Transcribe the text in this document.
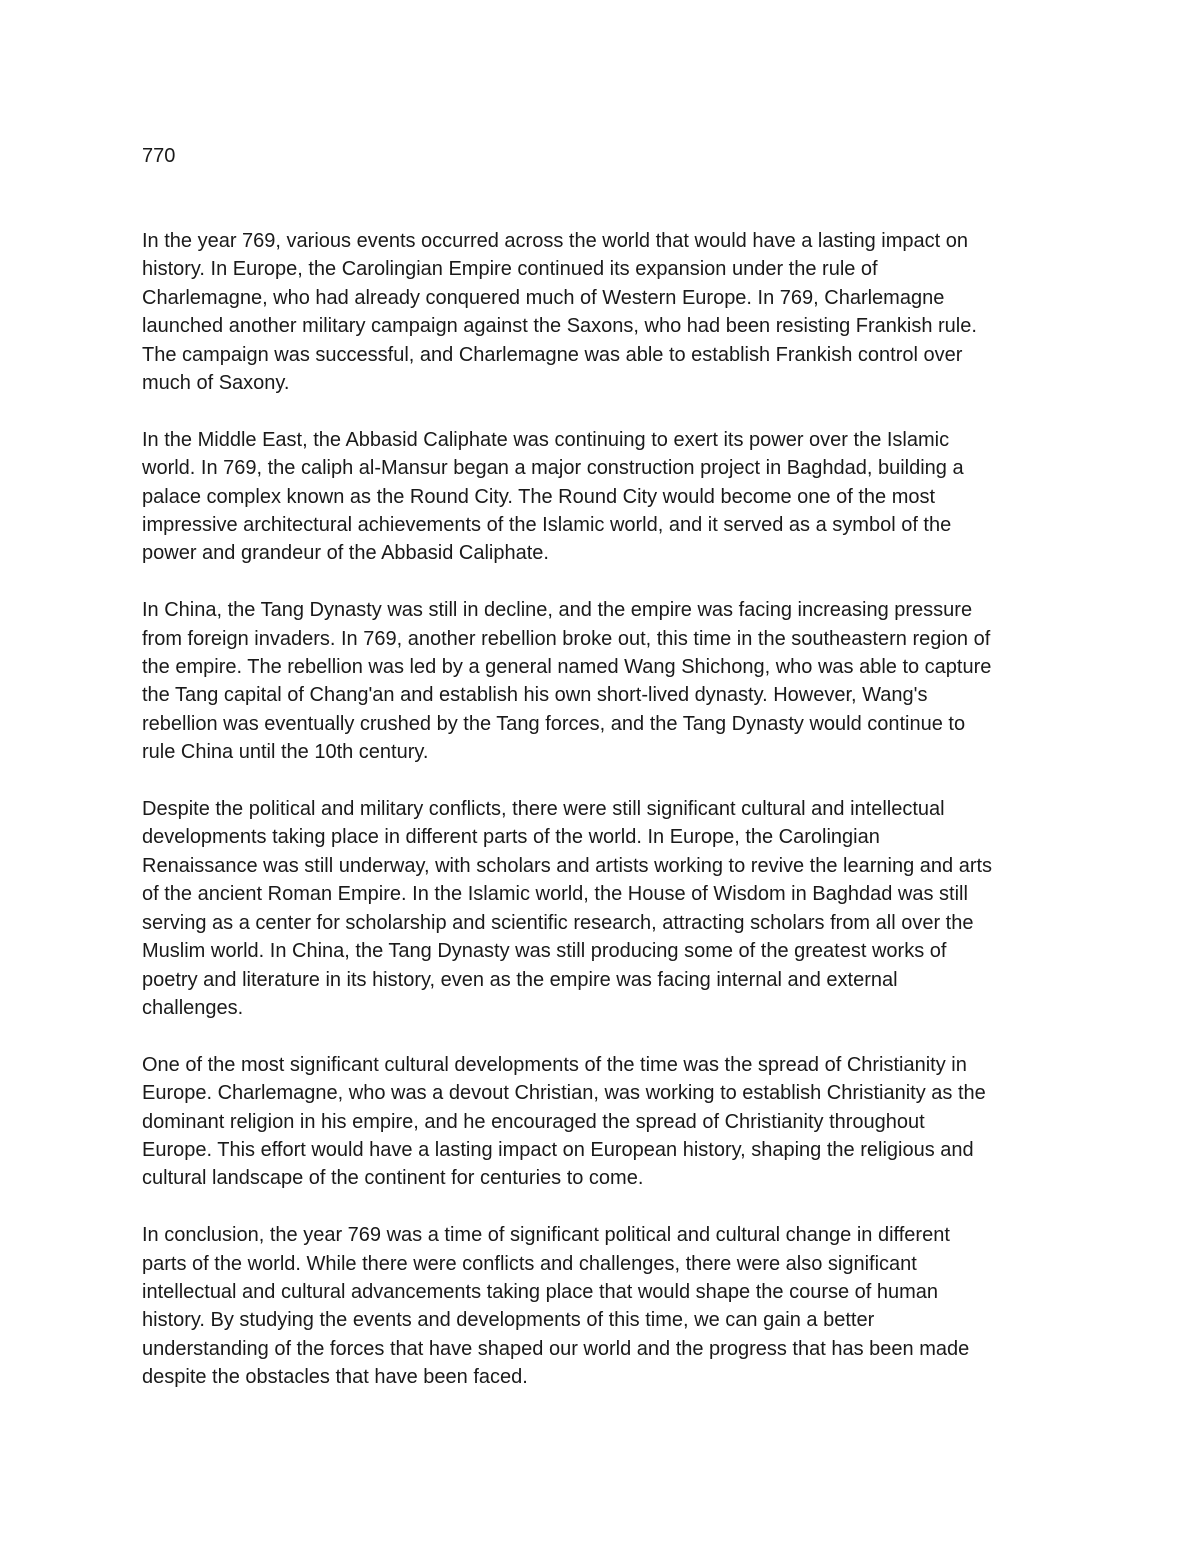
770

In the year 769, various events occurred across the world that would have a lasting impact on
history. In Europe, the Carolingian Empire continued its expansion under the rule of
Charlemagne, who had already conquered much of Western Europe. In 769, Charlemagne
launched another military campaign against the Saxons, who had been resisting Frankish rule.
The campaign was successful, and Charlemagne was able to establish Frankish control over
much of Saxony.

In the Middle East, the Abbasid Caliphate was continuing to exert its power over the Islamic
world. In 769, the caliph al-Mansur began a major construction project in Baghdad, building a
palace complex known as the Round City. The Round City would become one of the most
impressive architectural achievements of the Islamic world, and it served as a symbol of the
power and grandeur of the Abbasid Caliphate.

In China, the Tang Dynasty was still in decline, and the empire was facing increasing pressure
from foreign invaders. In 769, another rebellion broke out, this time in the southeastern region of
the empire. The rebellion was led by a general named Wang Shichong, who was able to capture
the Tang capital of Chang'an and establish his own short-lived dynasty. However, Wang's
rebellion was eventually crushed by the Tang forces, and the Tang Dynasty would continue to
rule China until the 10th century.

Despite the political and military conflicts, there were still significant cultural and intellectual
developments taking place in different parts of the world. In Europe, the Carolingian
Renaissance was still underway, with scholars and artists working to revive the learning and arts
of the ancient Roman Empire. In the Islamic world, the House of Wisdom in Baghdad was still
serving as a center for scholarship and scientific research, attracting scholars from all over the
Muslim world. In China, the Tang Dynasty was still producing some of the greatest works of
poetry and literature in its history, even as the empire was facing internal and external
challenges.

One of the most significant cultural developments of the time was the spread of Christianity in
Europe. Charlemagne, who was a devout Christian, was working to establish Christianity as the
dominant religion in his empire, and he encouraged the spread of Christianity throughout
Europe. This effort would have a lasting impact on European history, shaping the religious and
cultural landscape of the continent for centuries to come.

In conclusion, the year 769 was a time of significant political and cultural change in different
parts of the world. While there were conflicts and challenges, there were also significant
intellectual and cultural advancements taking place that would shape the course of human
history. By studying the events and developments of this time, we can gain a better
understanding of the forces that have shaped our world and the progress that has been made
despite the obstacles that have been faced.
